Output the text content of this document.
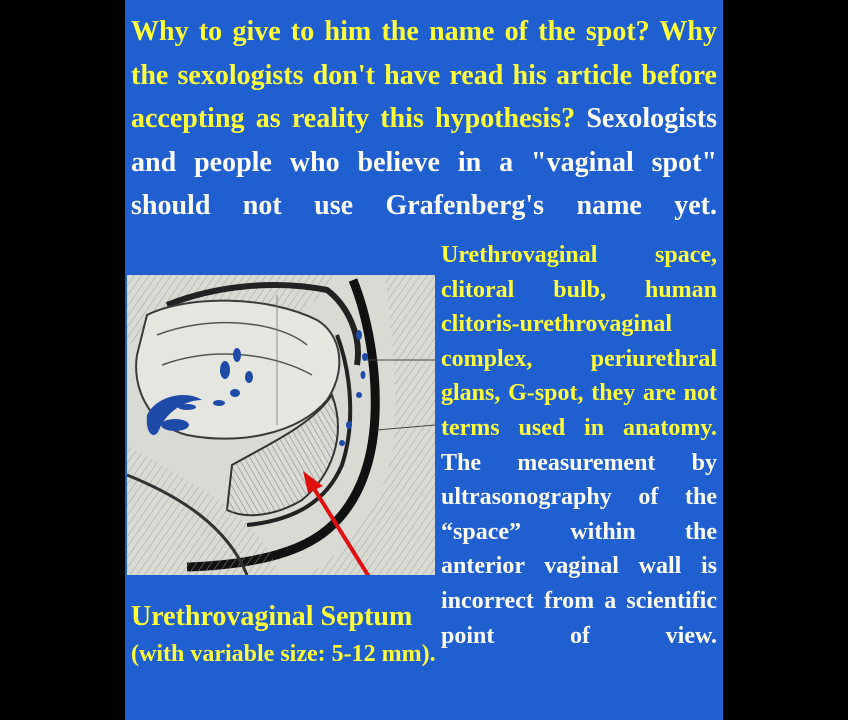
Why to give to him the name of the spot? Why the sexologists don't have read his article before accepting as reality this hypothesis? Sexologists and people who believe in a "vaginal spot" should not use Grafenberg's name yet.
Urethrovaginal space, clitoral bulb, human clitoris-urethrovaginal complex, periurethral glans, G-spot, they are not terms used in anatomy. The measurement by ultrasonography of the “space” within the anterior vaginal wall is incorrect from a scientific point of view.
Urethrovaginal Septum
(with variable size: 5-12 mm).
